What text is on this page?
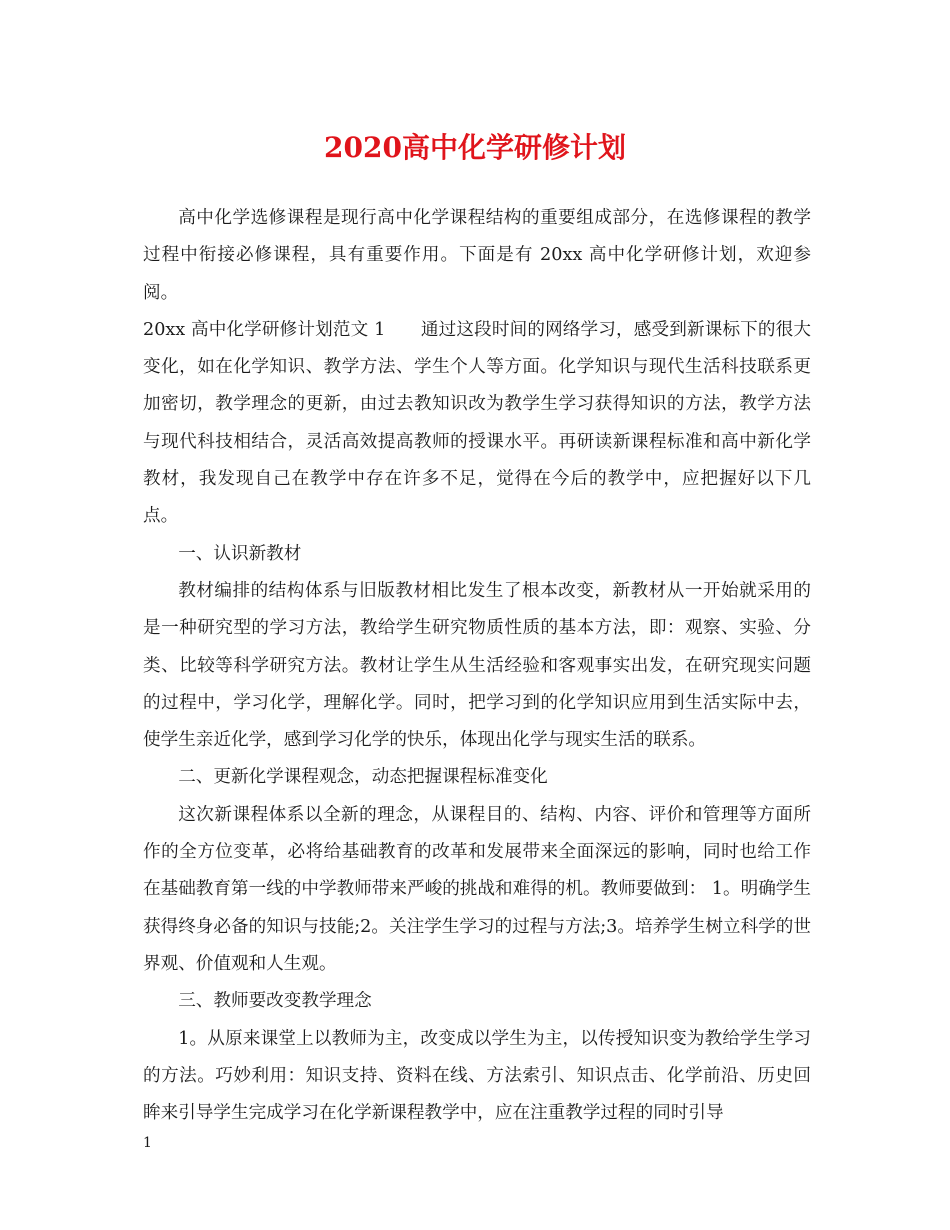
2020高中化学研修计划

高中化学选修课程是现行高中化学课程结构的重要组成部分，在选修课程的教学过程中衔接必修课程，具有重要作用。下面是有 20xx 高中化学研修计划，欢迎参阅。

20xx 高中化学研修计划范文 1　　通过这段时间的网络学习，感受到新课标下的很大变化，如在化学知识、教学方法、学生个人等方面。化学知识与现代生活科技联系更加密切，教学理念的更新，由过去教知识改为教学生学习获得知识的方法，教学方法与现代科技相结合，灵活高效提高教师的授课水平。再研读新课程标准和高中新化学教材，我发现自己在教学中存在许多不足，觉得在今后的教学中，应把握好以下几点。

一、认识新教材

教材编排的结构体系与旧版教材相比发生了根本改变，新教材从一开始就采用的是一种研究型的学习方法，教给学生研究物质性质的基本方法，即：观察、实验、分类、比较等科学研究方法。教材让学生从生活经验和客观事实出发，在研究现实问题的过程中，学习化学，理解化学。同时，把学习到的化学知识应用到生活实际中去，使学生亲近化学，感到学习化学的快乐，体现出化学与现实生活的联系。

二、更新化学课程观念，动态把握课程标准变化

这次新课程体系以全新的理念，从课程目的、结构、内容、评价和管理等方面所作的全方位变革，必将给基础教育的改革和发展带来全面深远的影响，同时也给工作在基础教育第一线的中学教师带来严峻的挑战和难得的机。教师要做到： 1。明确学生获得终身必备的知识与技能;2。关注学生学习的过程与方法;3。培养学生树立科学的世界观、价值观和人生观。

三、教师要改变教学理念

1。从原来课堂上以教师为主，改变成以学生为主，以传授知识变为教给学生学习的方法。巧妙利用：知识支持、资料在线、方法索引、知识点击、化学前沿、历史回眸来引导学生完成学习在化学新课程教学中，应在注重教学过程的同时引导

1
